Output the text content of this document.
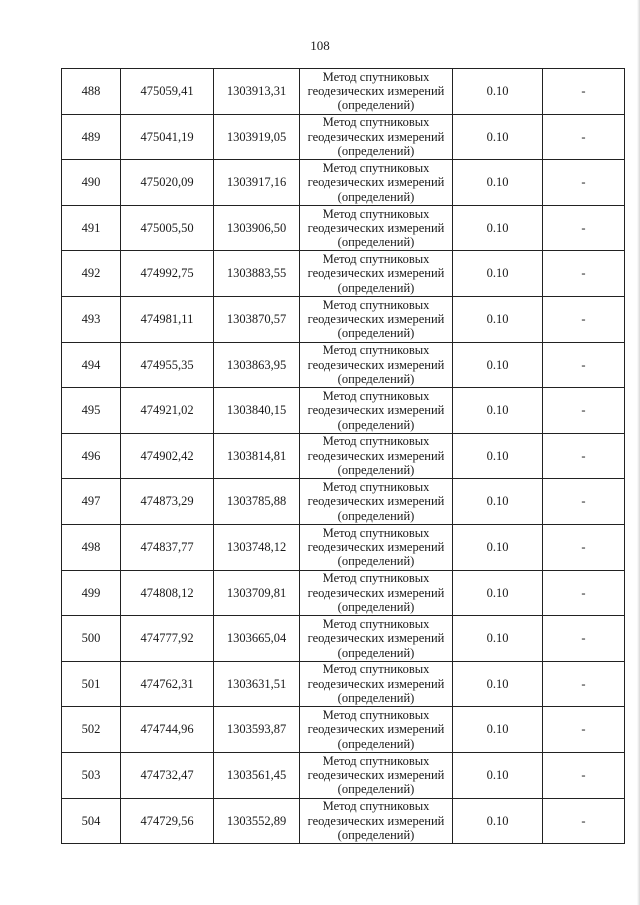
108
488	475059,41	1303913,31	Метод спутниковых геодезических измерений (определений)	0.10	-
489	475041,19	1303919,05	Метод спутниковых геодезических измерений (определений)	0.10	-
490	475020,09	1303917,16	Метод спутниковых геодезических измерений (определений)	0.10	-
491	475005,50	1303906,50	Метод спутниковых геодезических измерений (определений)	0.10	-
492	474992,75	1303883,55	Метод спутниковых геодезических измерений (определений)	0.10	-
493	474981,11	1303870,57	Метод спутниковых геодезических измерений (определений)	0.10	-
494	474955,35	1303863,95	Метод спутниковых геодезических измерений (определений)	0.10	-
495	474921,02	1303840,15	Метод спутниковых геодезических измерений (определений)	0.10	-
496	474902,42	1303814,81	Метод спутниковых геодезических измерений (определений)	0.10	-
497	474873,29	1303785,88	Метод спутниковых геодезических измерений (определений)	0.10	-
498	474837,77	1303748,12	Метод спутниковых геодезических измерений (определений)	0.10	-
499	474808,12	1303709,81	Метод спутниковых геодезических измерений (определений)	0.10	-
500	474777,92	1303665,04	Метод спутниковых геодезических измерений (определений)	0.10	-
501	474762,31	1303631,51	Метод спутниковых геодезических измерений (определений)	0.10	-
502	474744,96	1303593,87	Метод спутниковых геодезических измерений (определений)	0.10	-
503	474732,47	1303561,45	Метод спутниковых геодезических измерений (определений)	0.10	-
504	474729,56	1303552,89	Метод спутниковых геодезических измерений (определений)	0.10	-
